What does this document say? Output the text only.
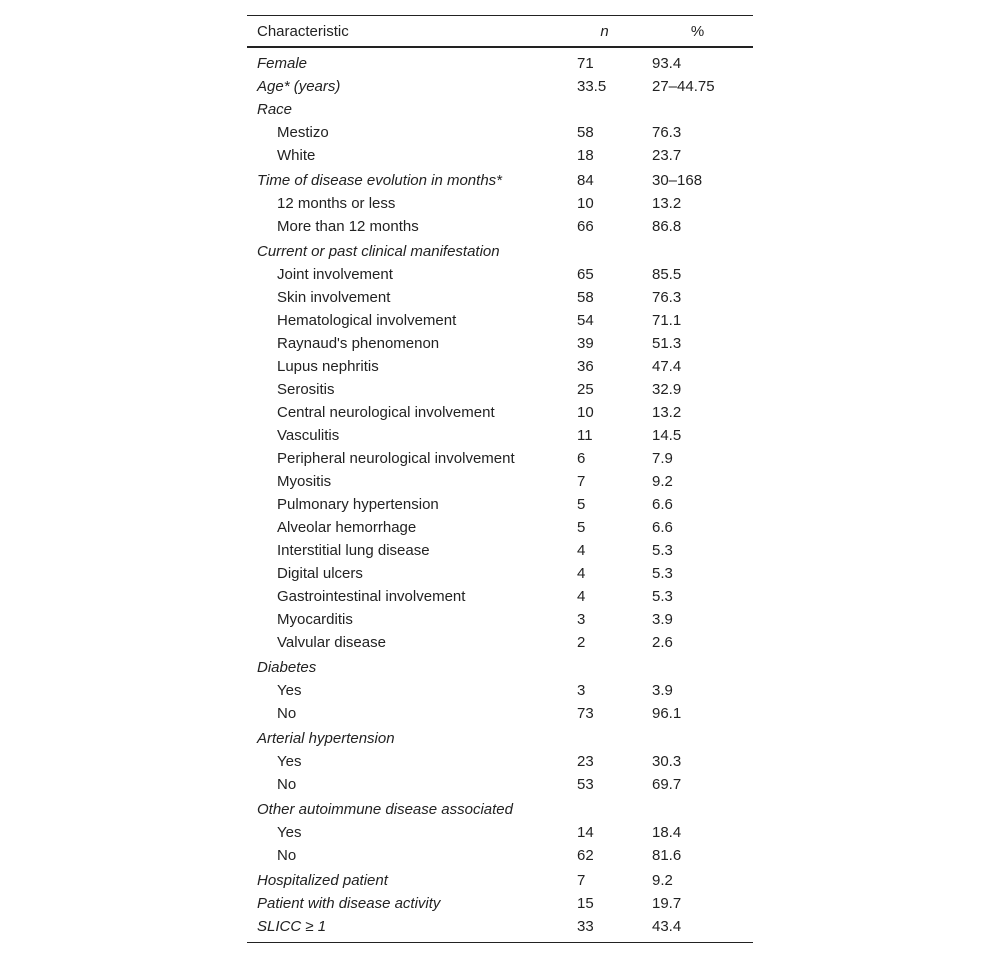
Characteristic	n	%
Female	71	93.4
Age* (years)	33.5	27–44.75
Race		
Mestizo	58	76.3
White	18	23.7
Time of disease evolution in months*	84	30–168
12 months or less	10	13.2
More than 12 months	66	86.8
Current or past clinical manifestation		
Joint involvement	65	85.5
Skin involvement	58	76.3
Hematological involvement	54	71.1
Raynaud's phenomenon	39	51.3
Lupus nephritis	36	47.4
Serositis	25	32.9
Central neurological involvement	10	13.2
Vasculitis	11	14.5
Peripheral neurological involvement	6	7.9
Myositis	7	9.2
Pulmonary hypertension	5	6.6
Alveolar hemorrhage	5	6.6
Interstitial lung disease	4	5.3
Digital ulcers	4	5.3
Gastrointestinal involvement	4	5.3
Myocarditis	3	3.9
Valvular disease	2	2.6
Diabetes		
Yes	3	3.9
No	73	96.1
Arterial hypertension		
Yes	23	30.3
No	53	69.7
Other autoimmune disease associated		
Yes	14	18.4
No	62	81.6
Hospitalized patient	7	9.2
Patient with disease activity	15	19.7
SLICC ≥ 1	33	43.4
